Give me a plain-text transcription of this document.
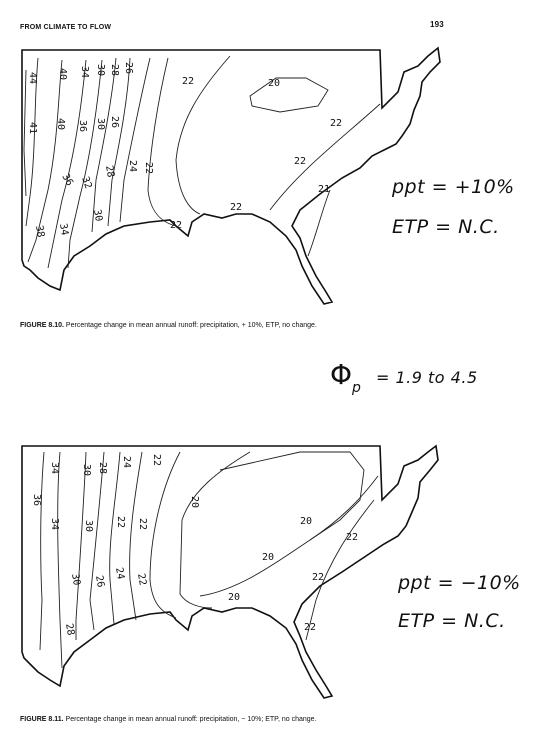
FROM CLIMATE TO FLOW	193
44
41
40
40
34
36
30
30
28
26
26
24 22
36 32
30
28
34
38
22	20
22
22
22
21
22
ppt = +10%
ETP = N.C.
FIGURE 8.10. Percentage change in mean annual runoff: precipitation, + 10%, ETP, no change.
Φ p
= 1.9 to 4.5
36
34 30 28 24 22
34 30 22 22
30 26
24 22
28
20
20
20
20
22
22
22
ppt = −10%
ETP = N.C.
FIGURE 8.11. Percentage change in mean annual runoff: precipitation, − 10%; ETP, no change.
